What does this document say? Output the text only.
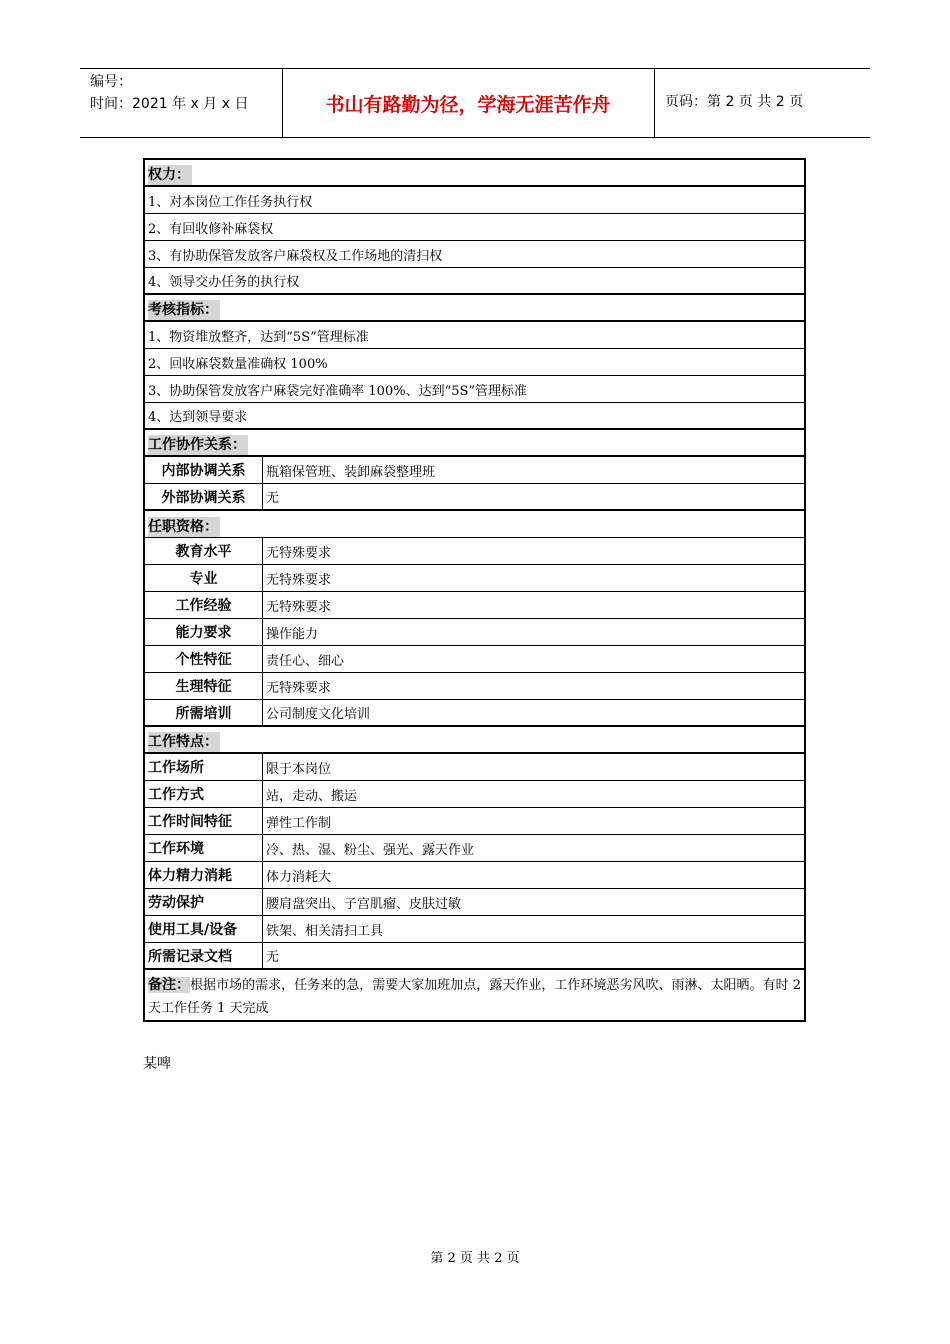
编号：
时间：2021 年 x 月 x 日	书山有路勤为径，学海无涯苦作舟	页码：第 2 页 共 2 页
权力：
1、对本岗位工作任务执行权
2、有回收修补麻袋权
3、有协助保管发放客户麻袋权及工作场地的清扫权
4、领导交办任务的执行权
考核指标：
1、物资堆放整齐，达到“5S”管理标准
2、回收麻袋数量准确权 100%
3、协助保管发放客户麻袋完好准确率 100%、达到“5S”管理标准
4、达到领导要求
工作协作关系：
内部协调关系	瓶箱保管班、装卸麻袋整理班
外部协调关系	无
任职资格：
教育水平	无特殊要求
专业	无特殊要求
工作经验	无特殊要求
能力要求	操作能力
个性特征	责任心、细心
生理特征	无特殊要求
所需培训	公司制度文化培训
工作特点：
工作场所	限于本岗位
工作方式	站，走动、搬运
工作时间特征	弹性工作制
工作环境	冷、热、湿、粉尘、强光、露天作业
体力精力消耗	体力消耗大
劳动保护	腰肩盘突出、子宫肌瘤、皮肤过敏
使用工具/设备	铁架、相关清扫工具
所需记录文档	无
备注：根据市场的需求，任务来的急，需要大家加班加点，露天作业，工作环境恶劣风吹、雨淋、太阳晒。有时 2 天工作任务 1 天完成
某啤
第 2 页 共 2 页
